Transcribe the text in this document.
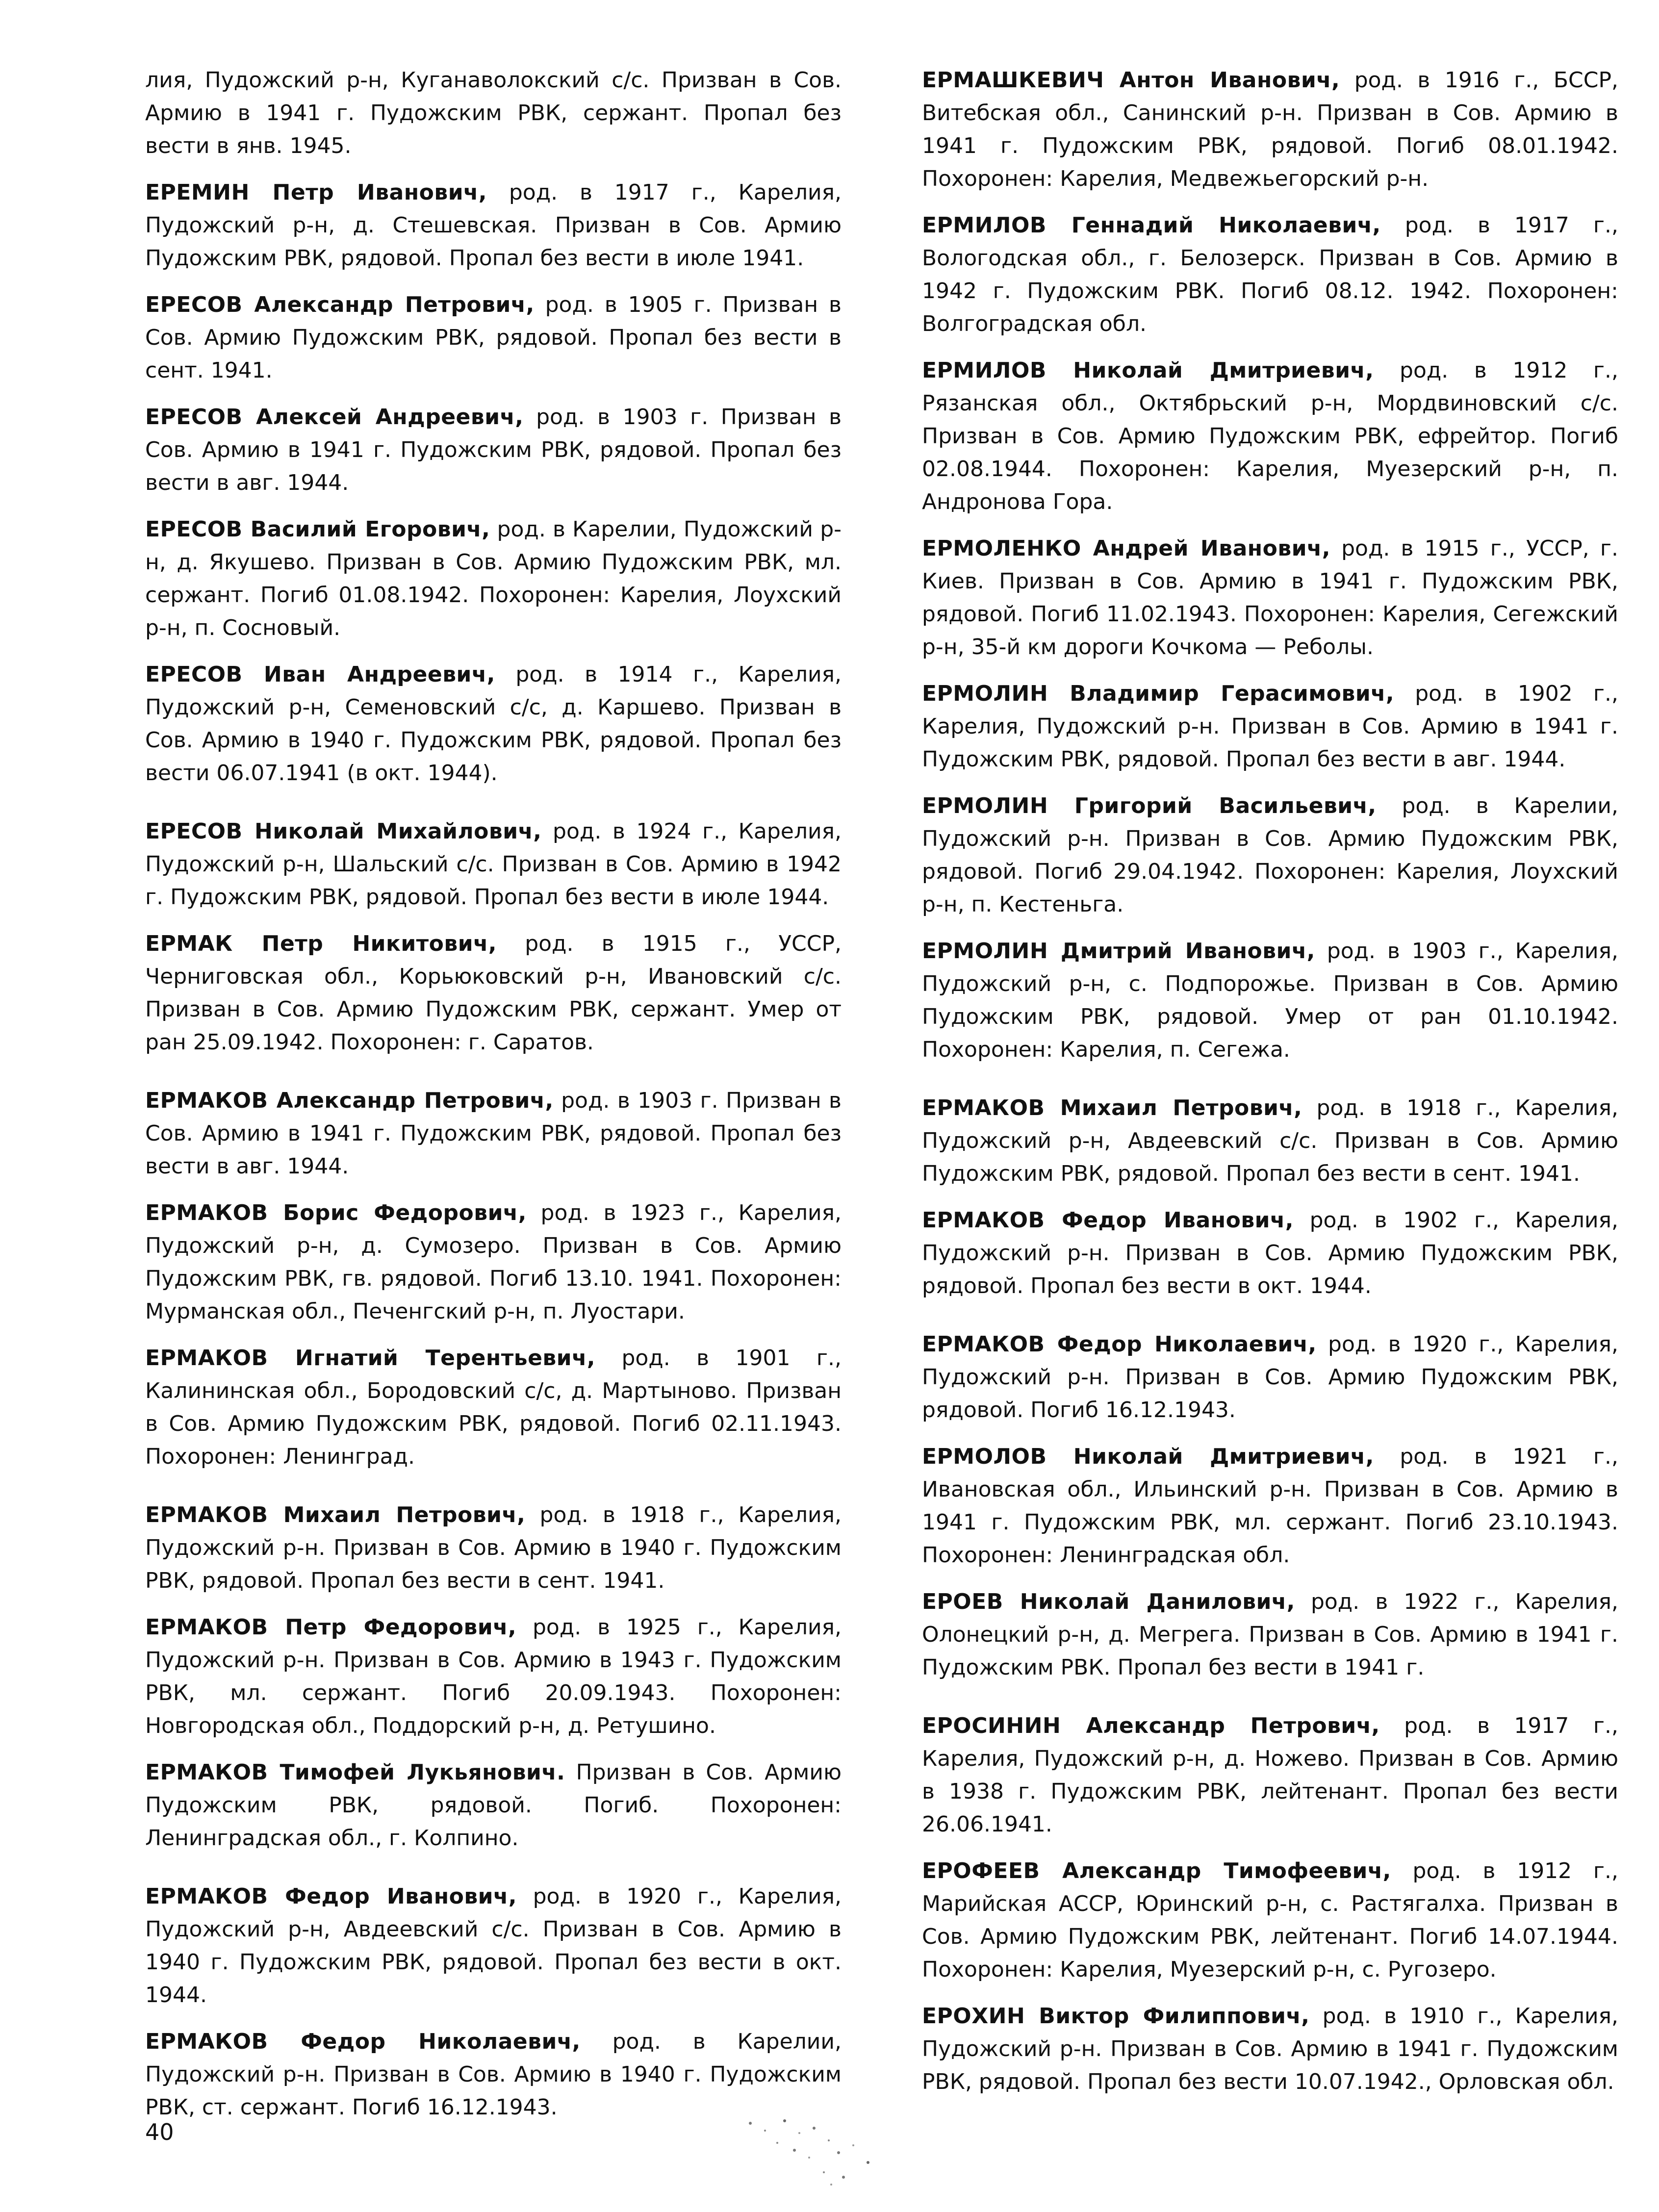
лия, Пудожский р-н, Куганаволокский с/с. Призван в Сов. Армию в 1941 г. Пудожским РВК, сержант. Пропал без вести в янв. 1945.

ЕРЕМИН Петр Иванович, род. в 1917 г., Карелия, Пудожский р-н, д. Стешевская. Призван в Сов. Армию Пудожским РВК, рядовой. Пропал без вести в июле 1941.

ЕРЕСОВ Александр Петрович, род. в 1905 г. Призван в Сов. Армию Пудожским РВК, рядовой. Пропал без вести в сент. 1941.

ЕРЕСОВ Алексей Андреевич, род. в 1903 г. Призван в Сов. Армию в 1941 г. Пудожским РВК, рядовой. Пропал без вести в авг. 1944.

ЕРЕСОВ Василий Егорович, род. в Карелии, Пудожский р-н, д. Якушево. Призван в Сов. Армию Пудожским РВК, мл. сержант. Погиб 01.08.1942. Похоронен: Карелия, Лоухский р-н, п. Сосновый.

ЕРЕСОВ Иван Андреевич, род. в 1914 г., Карелия, Пудожский р-н, Семеновский с/с, д. Каршево. Призван в Сов. Армию в 1940 г. Пудожским РВК, рядовой. Пропал без вести 06.07.1941 (в окт. 1944).

ЕРЕСОВ Николай Михайлович, род. в 1924 г., Карелия, Пудожский р-н, Шальский с/с. Призван в Сов. Армию в 1942 г. Пудожским РВК, рядовой. Пропал без вести в июле 1944.

ЕРМАК Петр Никитович, род. в 1915 г., УССР, Черниговская обл., Корьюковский р-н, Ивановский с/с. Призван в Сов. Армию Пудожским РВК, сержант. Умер от ран 25.09.1942. Похоронен: г. Саратов.

ЕРМАКОВ Александр Петрович, род. в 1903 г. Призван в Сов. Армию в 1941 г. Пудожским РВК, рядовой. Пропал без вести в авг. 1944.

ЕРМАКОВ Борис Федорович, род. в 1923 г., Карелия, Пудожский р-н, д. Сумозеро. Призван в Сов. Армию Пудожским РВК, гв. рядовой. Погиб 13.10. 1941. Похоронен: Мурманская обл., Печенгский р-н, п. Луостари.

ЕРМАКОВ Игнатий Терентьевич, род. в 1901 г., Калининская обл., Бородовский с/с, д. Мартыново. Призван в Сов. Армию Пудожским РВК, рядовой. Погиб 02.11.1943. Похоронен: Ленинград.

ЕРМАКОВ Михаил Петрович, род. в 1918 г., Карелия, Пудожский р-н. Призван в Сов. Армию в 1940 г. Пудожским РВК, рядовой. Пропал без вести в сент. 1941.

ЕРМАКОВ Петр Федорович, род. в 1925 г., Карелия, Пудожский р-н. Призван в Сов. Армию в 1943 г. Пудожским РВК, мл. сержант. Погиб 20.09.1943. Похоронен: Новгородская обл., Поддорский р-н, д. Ретушино.

ЕРМАКОВ Тимофей Лукьянович. Призван в Сов. Армию Пудожским РВК, рядовой. Погиб. Похоронен: Ленинградская обл., г. Колпино.

ЕРМАКОВ Федор Иванович, род. в 1920 г., Карелия, Пудожский р-н, Авдеевский с/с. Призван в Сов. Армию в 1940 г. Пудожским РВК, рядовой. Пропал без вести в окт. 1944.

ЕРМАКОВ Федор Николаевич, род. в Карелии, Пудожский р-н. Призван в Сов. Армию в 1940 г. Пудожским РВК, ст. сержант. Погиб 16.12.1943.

ЕРМАШКЕВИЧ Антон Иванович, род. в 1916 г., БССР, Витебская обл., Санинский р-н. Призван в Сов. Армию в 1941 г. Пудожским РВК, рядовой. Погиб 08.01.1942. Похоронен: Карелия, Медвежьегорский р-н.

ЕРМИЛОВ Геннадий Николаевич, род. в 1917 г., Вологодская обл., г. Белозерск. Призван в Сов. Армию в 1942 г. Пудожским РВК. Погиб 08.12. 1942. Похоронен: Волгоградская обл.

ЕРМИЛОВ Николай Дмитриевич, род. в 1912 г., Рязанская обл., Октябрьский р-н, Мордвиновский с/с. Призван в Сов. Армию Пудожским РВК, ефрейтор. Погиб 02.08.1944. Похоронен: Карелия, Муезерский р-н, п. Андронова Гора.

ЕРМОЛЕНКО Андрей Иванович, род. в 1915 г., УССР, г. Киев. Призван в Сов. Армию в 1941 г. Пудожским РВК, рядовой. Погиб 11.02.1943. Похоронен: Карелия, Сегежский р-н, 35-й км дороги Кочкома — Реболы.

ЕРМОЛИН Владимир Герасимович, род. в 1902 г., Карелия, Пудожский р-н. Призван в Сов. Армию в 1941 г. Пудожским РВК, рядовой. Пропал без вести в авг. 1944.

ЕРМОЛИН Григорий Васильевич, род. в Карелии, Пудожский р-н. Призван в Сов. Армию Пудожским РВК, рядовой. Погиб 29.04.1942. Похоронен: Карелия, Лоухский р-н, п. Кестеньга.

ЕРМОЛИН Дмитрий Иванович, род. в 1903 г., Карелия, Пудожский р-н, с. Подпорожье. Призван в Сов. Армию Пудожским РВК, рядовой. Умер от ран 01.10.1942. Похоронен: Карелия, п. Сегежа.

ЕРМАКОВ Михаил Петрович, род. в 1918 г., Карелия, Пудожский р-н, Авдеевский с/с. Призван в Сов. Армию Пудожским РВК, рядовой. Пропал без вести в сент. 1941.

ЕРМАКОВ Федор Иванович, род. в 1902 г., Карелия, Пудожский р-н. Призван в Сов. Армию Пудожским РВК, рядовой. Пропал без вести в окт. 1944.

ЕРМАКОВ Федор Николаевич, род. в 1920 г., Карелия, Пудожский р-н. Призван в Сов. Армию Пудожским РВК, рядовой. Погиб 16.12.1943.

ЕРМОЛОВ Николай Дмитриевич, род. в 1921 г., Ивановская обл., Ильинский р-н. Призван в Сов. Армию в 1941 г. Пудожским РВК, мл. сержант. Погиб 23.10.1943. Похоронен: Ленинградская обл.

ЕРОЕВ Николай Данилович, род. в 1922 г., Карелия, Олонецкий р-н, д. Мегрега. Призван в Сов. Армию в 1941 г. Пудожским РВК. Пропал без вести в 1941 г.

ЕРОСИНИН Александр Петрович, род. в 1917 г., Карелия, Пудожский р-н, д. Ножево. Призван в Сов. Армию в 1938 г. Пудожским РВК, лейтенант. Пропал без вести 26.06.1941.

ЕРОФЕЕВ Александр Тимофеевич, род. в 1912 г., Марийская АССР, Юринский р-н, с. Растягалха. Призван в Сов. Армию Пудожским РВК, лейтенант. Погиб 14.07.1944. Похоронен: Карелия, Муезерский р-н, с. Ругозеро.

ЕРОХИН Виктор Филиппович, род. в 1910 г., Карелия, Пудожский р-н. Призван в Сов. Армию в 1941 г. Пудожским РВК, рядовой. Пропал без вести 10.07.1942., Орловская обл.

40
